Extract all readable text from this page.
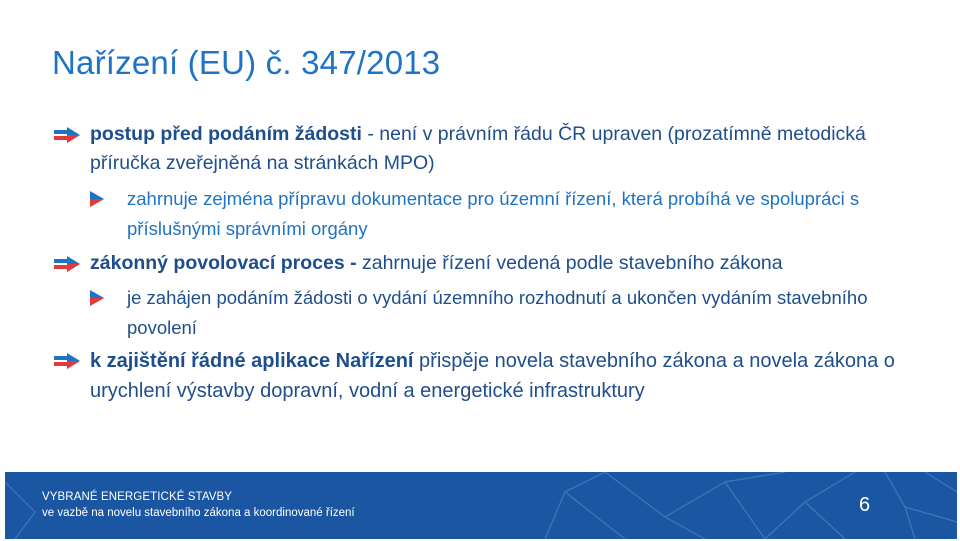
Nařízení (EU) č. 347/2013
postup před podáním žádosti - není v právním řádu ČR upraven (prozatímně metodická příručka zveřejněná na stránkách MPO)
zahrnuje zejména přípravu dokumentace pro územní řízení, která probíhá ve spolupráci s příslušnými správními orgány
zákonný povolovací proces - zahrnuje řízení vedená podle stavebního zákona
je zahájen podáním žádosti o vydání územního rozhodnutí a ukončen vydáním stavebního povolení
k zajištění řádné aplikace Nařízení přispěje novela stavebního zákona a novela zákona o urychlení výstavby dopravní, vodní a energetické infrastruktury
VYBRANÉ ENERGETICKÉ STAVBY
ve vazbě na novelu stavebního zákona a koordinované řízení	6
